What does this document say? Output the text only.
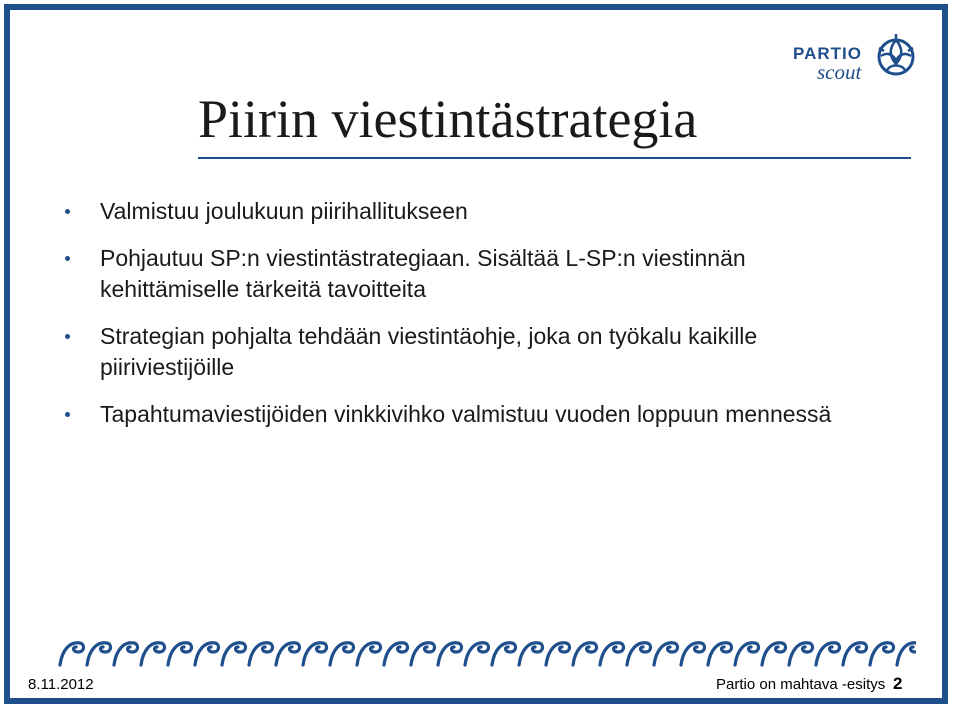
PARTIO
scout
Piirin viestintästrategia
Valmistuu joulukuun piirihallitukseen
Pohjautuu SP:n viestintästrategiaan. Sisältää L-SP:n viestinnän kehittämiselle tärkeitä tavoitteita
Strategian pohjalta tehdään viestintäohje, joka on työkalu kaikille piiriviestijöille
Tapahtumaviestijöiden vinkkivihko valmistuu vuoden loppuun mennessä
8.11.2012	Partio on mahtava -esitys 2
